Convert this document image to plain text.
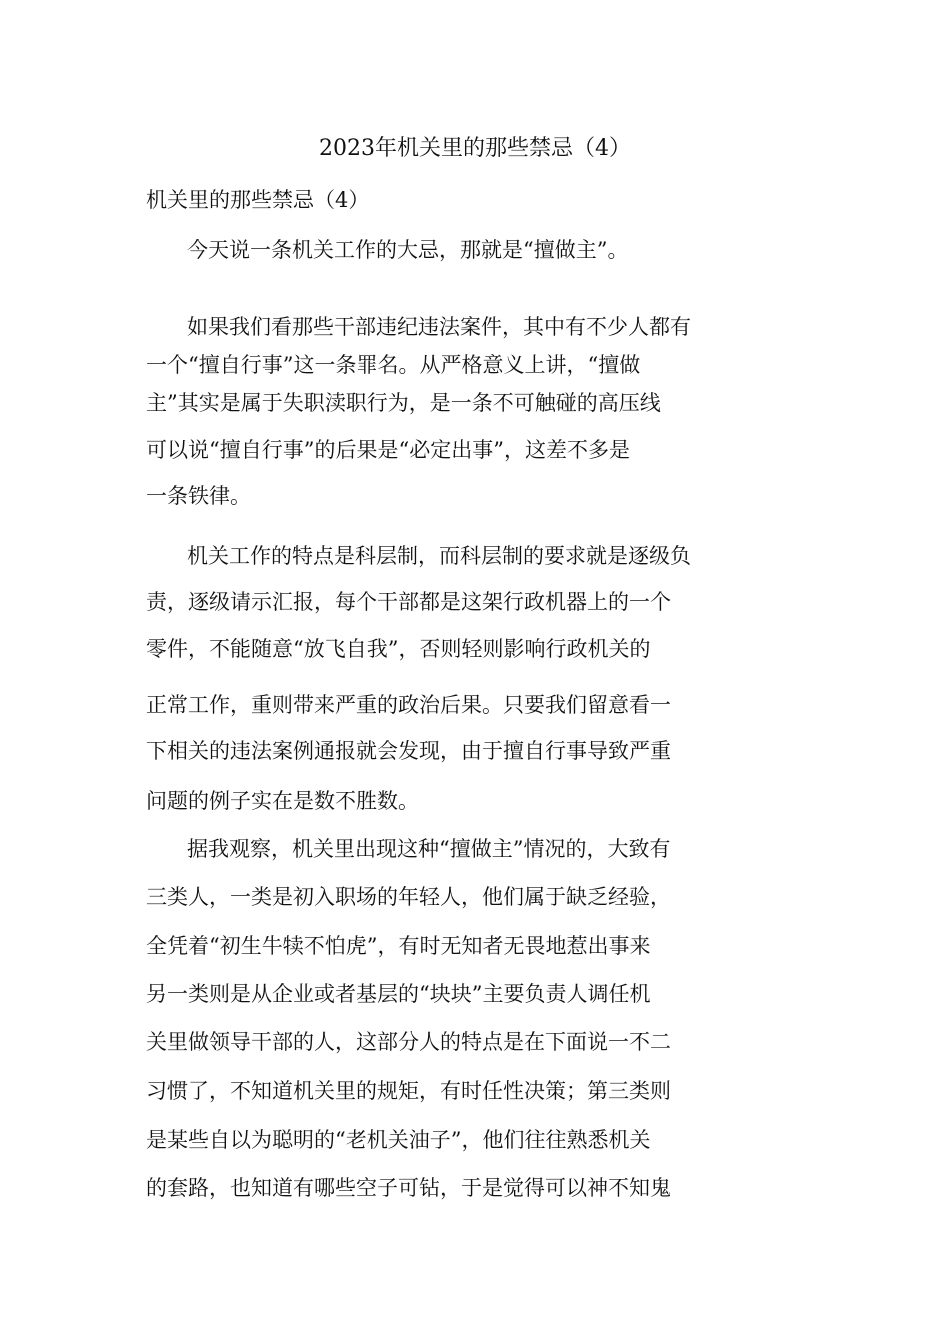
2023年机关里的那些禁忌（4）
机关里的那些禁忌（4）
今天说一条机关工作的大忌，那就是“擅做主”。
如果我们看那些干部违纪违法案件，其中有不少人都有
一个“擅自行事”这一条罪名。从严格意义上讲，“擅做
主”其实是属于失职渎职行为，是一条不可触碰的高压线
可以说“擅自行事”的后果是“必定出事”，这差不多是
一条铁律。
机关工作的特点是科层制，而科层制的要求就是逐级负
责，逐级请示汇报，每个干部都是这架行政机器上的一个
零件，不能随意“放飞自我”，否则轻则影响行政机关的
正常工作，重则带来严重的政治后果。只要我们留意看一
下相关的违法案例通报就会发现，由于擅自行事导致严重
问题的例子实在是数不胜数。
据我观察，机关里出现这种“擅做主”情况的，大致有
三类人，一类是初入职场的年轻人，他们属于缺乏经验，
全凭着“初生牛犊不怕虎”，有时无知者无畏地惹出事来
另一类则是从企业或者基层的“块块”主要负责人调任机
关里做领导干部的人，这部分人的特点是在下面说一不二
习惯了，不知道机关里的规矩，有时任性决策；第三类则
是某些自以为聪明的“老机关油子”，他们往往熟悉机关
的套路，也知道有哪些空子可钻，于是觉得可以神不知鬼
